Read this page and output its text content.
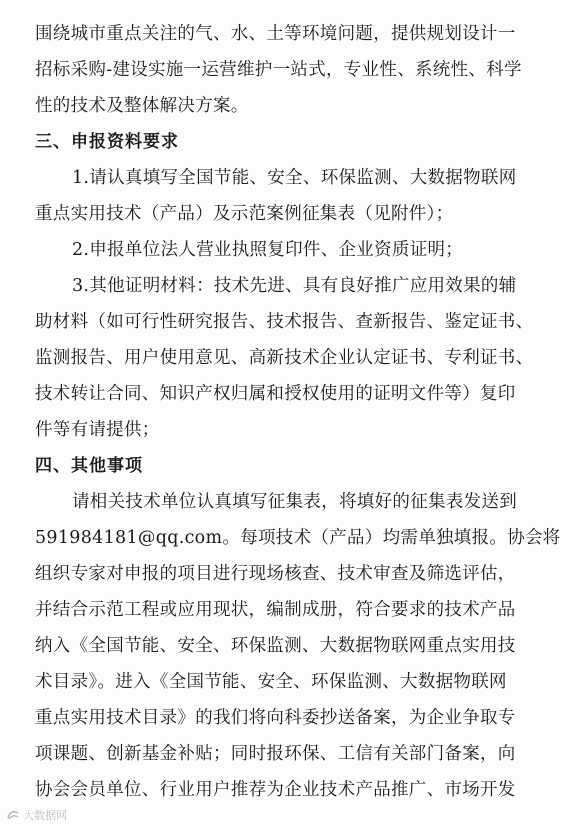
围绕城市重点关注的气、水、土等环境问题，提供规划设计一
招标采购-建设实施一运营维护一站式，专业性、系统性、科学
性的技术及整体解决方案。
三、申报资料要求
1.请认真填写全国节能、安全、环保监测、大数据物联网
重点实用技术（产品）及示范案例征集表（见附件）；
2.申报单位法人营业执照复印件、企业资质证明；
3.其他证明材料：技术先进、具有良好推广应用效果的辅
助材料（如可行性研究报告、技术报告、查新报告、鉴定证书、
监测报告、用户使用意见、高新技术企业认定证书、专利证书、
技术转让合同、知识产权归属和授权使用的证明文件等）复印
件等有请提供；
四、其他事项
请相关技术单位认真填写征集表，将填好的征集表发送到
591984181@qq.com。每项技术（产品）均需单独填报。协会将
组织专家对申报的项目进行现场核查、技术审查及筛选评估，
并结合示范工程或应用现状，编制成册，符合要求的技术产品
纳入《全国节能、安全、环保监测、大数据物联网重点实用技
术目录》。进入《全国节能、安全、环保监测、大数据物联网
重点实用技术目录》的我们将向科委抄送备案，为企业争取专
项课题、创新基金补贴；同时报环保、工信有关部门备案，向
协会会员单位、行业用户推荐为企业技术产品推广、市场开发
大数据网
